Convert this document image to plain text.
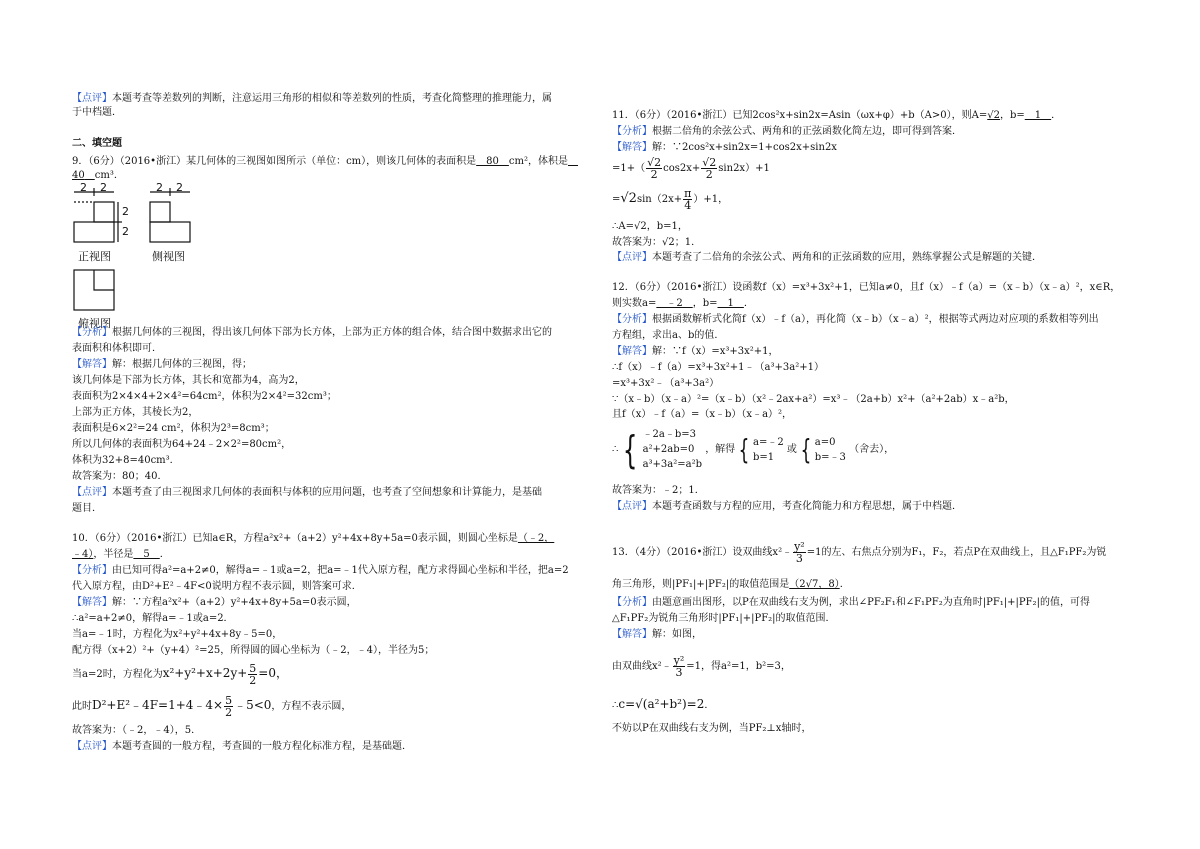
【点评】本题考查等差数列的判断，注意运用三角形的相似和等差数列的性质，考查化简整理的推理能力，属
于中档题．
二、填空题
9．（6分）（2016•浙江）某几何体的三视图如图所示（单位：cm），则该几何体的表面积是　80　cm²，体积是　
40　 cm³．
2 2
2
2
2 2
正视图	侧视图
俯视图
【分析】根据几何体的三视图，得出该几何体下部为长方体，上部为正方体的组合体，结合图中数据求出它的
表面积和体积即可．
【解答】解：根据几何体的三视图，得；
该几何体是下部为长方体，其长和宽都为4，高为2，
表面积为2×4×4+2×4²=64cm²，体积为2×4²=32cm³；
上部为正方体，其棱长为2，
表面积是6×2²=24 cm²，体积为2³=8cm³；
所以几何体的表面积为64+24﹣2×2²=80cm²，
体积为32+8=40cm³．
故答案为：80；40．
【点评】本题考查了由三视图求几何体的表面积与体积的应用问题，也考查了空间想象和计算能力，是基础
题目．
10．（6分）（2016•浙江）已知a∈R，方程a²x²+（a+2）y²+4x+8y+5a=0表示圆，则圆心坐标是（﹣2，
﹣4），半径是　5　．
【分析】由已知可得a²=a+2≠0，解得a=﹣1或a=2，把a=﹣1代入原方程，配方求得圆心坐标和半径，把a=2
代入原方程，由D²+E²﹣4F<0说明方程不表示圆，则答案可求．
【解答】解：∵方程a²x²+（a+2）y²+4x+8y+5a=0表示圆，
∴a²=a+2≠0，解得a=﹣1或a=2．
当a=﹣1时，方程化为x²+y²+4x+8y﹣5=0，
配方得（x+2）²+（y+4）²=25，所得圆的圆心坐标为（﹣2，﹣4），半径为5；
当a=2时，方程化为$x^2+y^2+x+2y+ \frac{5}{2} =0$，
此时D²+E²﹣4F=1+4﹣4× $\frac{5}{2}$ ﹣5<0，方程不表示圆，
故答案为：（﹣2，﹣4），5．
【点评】本题考查圆的一般方程，考查圆的一般方程化标准方程，是基础题．
11．（6分）（2016•浙江）已知2cos²x+sin2x=Asin（ωx+φ）+b（A>0），则A=√2，b=　1　．
【分析】根据二倍角的余弦公式、两角和的正弦函数化简左边，即可得到答案．
【解答】解：∵2cos²x+sin2x=1+cos2x+sin2x
$=1+( \frac{√2}{2} \cos 2x+ \frac{√2}{2} \sin 2x)+1$
$=√2\sin(2x+ \frac{\pi}{4} )+1$，
∴A=√2，b=1，
故答案为：√2；1．
【点评】本题考查了二倍角的余弦公式、两角和的正弦函数的应用，熟练掌握公式是解题的关键．
12．（6分）（2016•浙江）设函数f（x）=x³+3x²+1，已知a≠0，且f（x）﹣f（a）=（x﹣b）（x﹣a）²，x∈R，
则实数a=　﹣2　，b=　1　．
【分析】根据函数解析式化简f（x）﹣f（a），再化简（x﹣b）（x﹣a）²，根据等式两边对应项的系数相等列出
方程组，求出a、b的值．
【解答】解：∵f（x）=x³+3x²+1，
∴f（x）﹣f（a）=x³+3x²+1﹣（a³+3a²+1）
=x³+3x²﹣（a³+3a²）
∵（x﹣b）（x﹣a）²=（x﹣b）（x²﹣2ax+a²）=x³﹣（2a+b）x²+（a²+2ab）x﹣a²b，
且f（x）﹣f（a）=（x﹣b）（x﹣a）²，
∴ { ﹣2a﹣b=3
a²+2ab=0
a³+3a²=a²b
，解得 { a=﹣2
b=1
或 { a=0
b=﹣3
（舍去），
故答案为：﹣2；1．
【点评】本题考查函数与方程的应用，考查化简能力和方程思想，属于中档题．
13．（4分）（2016•浙江）设双曲线x²﹣ $\frac{\text{y²}}{3} =1$的左、右焦点分别为F₁，F₂，若点P在双曲线上，且△F₁PF₂为锐
角三角形，则|PF₁|+|PF₂|的取值范围是（2√7，8）．
【分析】由题意画出图形，以P在双曲线右支为例，求出∠PF₂F₁和∠F₁PF₂为直角时|PF₁|+|PF₂|的值，可得
△F₁PF₂为锐角三角形时|PF₁|+|PF₂|的取值范围．
【解答】解：如图，
由双曲线x²﹣ $\frac{\text{y²}}{3} =1$，得a²=1，b²=3，
∴c=√(a²+b²)=2．
不妨以P在双曲线右支为例，当PF₂⊥x轴时，
